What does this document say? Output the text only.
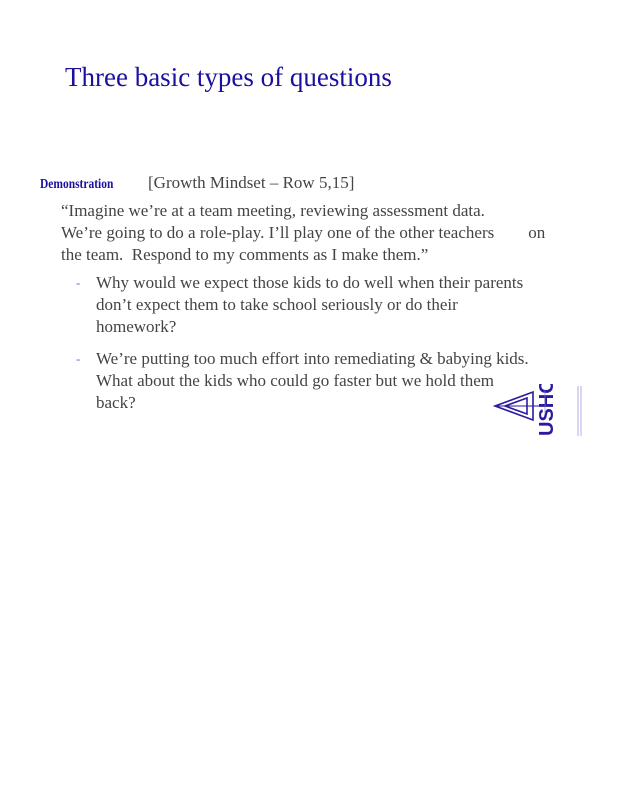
Three basic types of questions
Demonstration [Growth Mindset – Row 5,15]
“Imagine we’re at a team meeting, reviewing assessment data.
We’re going to do a role-play. I’ll play one of the other teachers        on
the team.  Respond to my comments as I make them.”
- Why would we expect those kids to do well when their parents
don’t expect them to take school seriously or do their
homework?
- We’re putting too much effort into remediating & babying kids.
What about the kids who could go faster but we hold them
back?	USHCA
